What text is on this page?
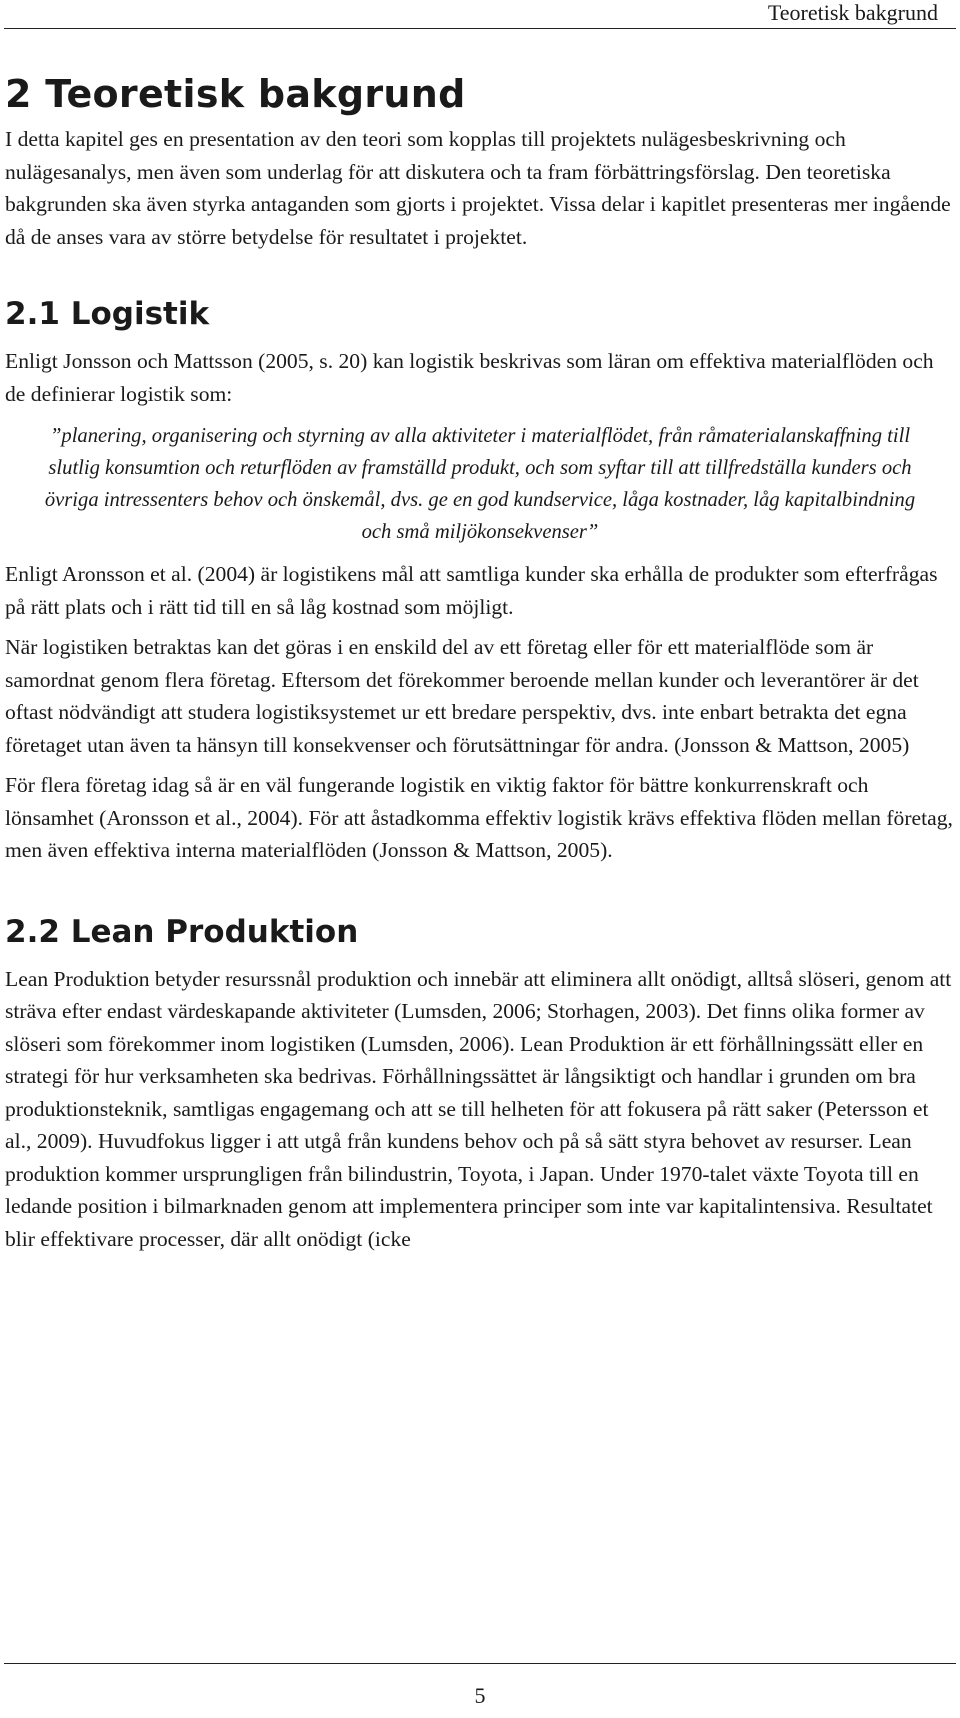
Teoretisk bakgrund
2 Teoretisk bakgrund

I detta kapitel ges en presentation av den teori som kopplas till projektets nulägesbeskrivning och nulägesanalys, men även som underlag för att diskutera och ta fram förbättringsförslag. Den teoretiska bakgrunden ska även styrka antaganden som gjorts i projektet. Vissa delar i kapitlet presenteras mer ingående då de anses vara av större betydelse för resultatet i projektet.

2.1 Logistik

Enligt Jonsson och Mattsson (2005, s. 20) kan logistik beskrivas som läran om effektiva materialflöden och de definierar logistik som:

”planering, organisering och styrning av alla aktiviteter i materialflödet, från råmaterialanskaffning till slutlig konsumtion och returflöden av framställd produkt, och som syftar till att tillfredställa kunders och övriga intressenters behov och önskemål, dvs. ge en god kundservice, låga kostnader, låg kapitalbindning och små miljökonsekvenser”

Enligt Aronsson et al. (2004) är logistikens mål att samtliga kunder ska erhålla de produkter som efterfrågas på rätt plats och i rätt tid till en så låg kostnad som möjligt.

När logistiken betraktas kan det göras i en enskild del av ett företag eller för ett materialflöde som är samordnat genom flera företag. Eftersom det förekommer beroende mellan kunder och leverantörer är det oftast nödvändigt att studera logistiksystemet ur ett bredare perspektiv, dvs. inte enbart betrakta det egna företaget utan även ta hänsyn till konsekvenser och förutsättningar för andra. (Jonsson & Mattson, 2005)

För flera företag idag så är en väl fungerande logistik en viktig faktor för bättre konkurrenskraft och lönsamhet (Aronsson et al., 2004). För att åstadkomma effektiv logistik krävs effektiva flöden mellan företag, men även effektiva interna materialflöden (Jonsson & Mattson, 2005).

2.2 Lean Produktion

Lean Produktion betyder resurssnål produktion och innebär att eliminera allt onödigt, alltså slöseri, genom att sträva efter endast värdeskapande aktiviteter (Lumsden, 2006; Storhagen, 2003). Det finns olika former av slöseri som förekommer inom logistiken (Lumsden, 2006). Lean Produktion är ett förhållningssätt eller en strategi för hur verksamheten ska bedrivas. Förhållningssättet är långsiktigt och handlar i grunden om bra produktionsteknik, samtligas engagemang och att se till helheten för att fokusera på rätt saker (Petersson et al., 2009). Huvudfokus ligger i att utgå från kundens behov och på så sätt styra behovet av resurser. Lean produktion kommer ursprungligen från bilindustrin, Toyota, i Japan. Under 1970-talet växte Toyota till en ledande position i bilmarknaden genom att implementera principer som inte var kapitalintensiva. Resultatet blir effektivare processer, där allt onödigt (icke

5
